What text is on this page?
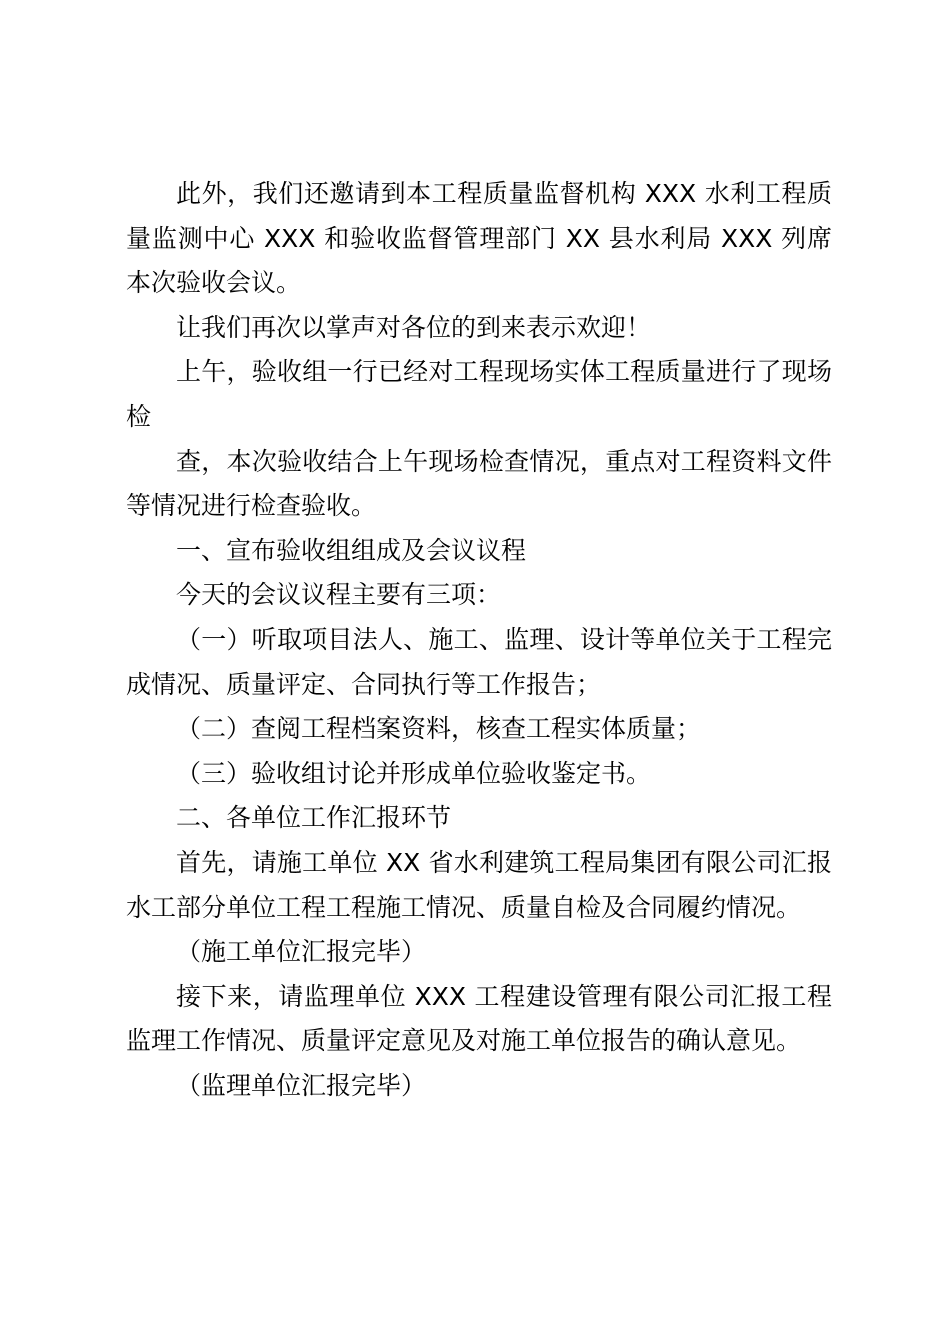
此外，我们还邀请到本工程质量监督机构 XXX 水利工程质量监测中心 XXX 和验收监督管理部门 XX 县水利局 XXX 列席本次验收会议。

让我们再次以掌声对各位的到来表示欢迎！

上午，验收组一行已经对工程现场实体工程质量进行了现场检

查，本次验收结合上午现场检查情况，重点对工程资料文件等情况进行检查验收。

一、宣布验收组组成及会议议程

今天的会议议程主要有三项：

（一）听取项目法人、施工、监理、设计等单位关于工程完成情况、质量评定、合同执行等工作报告；

（二）查阅工程档案资料，核查工程实体质量；

（三）验收组讨论并形成单位验收鉴定书。

二、各单位工作汇报环节

首先，请施工单位 XX 省水利建筑工程局集团有限公司汇报水工部分单位工程工程施工情况、质量自检及合同履约情况。

（施工单位汇报完毕）

接下来，请监理单位 XXX 工程建设管理有限公司汇报工程监理工作情况、质量评定意见及对施工单位报告的确认意见。

（监理单位汇报完毕）
